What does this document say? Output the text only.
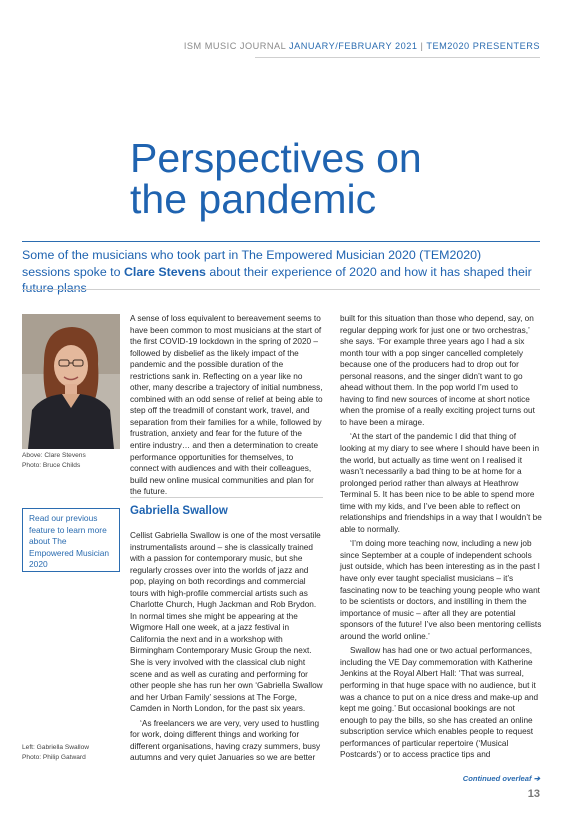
ISM MUSIC JOURNAL JANUARY/FEBRUARY 2021 | TEM2020 PRESENTERS
Perspectives on
the pandemic

Some of the musicians who took part in The Empowered Musician 2020 (TEM2020) sessions spoke to Clare Stevens about their experience of 2020 and how it has shaped their future plans

Above: Clare Stevens
Photo: Bruce Childs
Read our previous feature to learn more about The Empowered Musician 2020

A sense of loss equivalent to bereavement seems to have been common to most musicians at the start of the first COVID-19 lockdown in the spring of 2020 – followed by disbelief as the likely impact of the pandemic and the possible duration of the restrictions sank in. Reflecting on a year like no other, many describe a trajectory of initial numbness, combined with an odd sense of relief at being able to step off the treadmill of constant work, travel, and separation from their families for a while, followed by frustration, anxiety and fear for the future of the entire industry… and then a determination to create performance opportunities for themselves, to connect with audiences and with their colleagues, build new online musical communities and plan for the future.

Gabriella Swallow

Cellist Gabriella Swallow is one of the most versatile instrumentalists around – she is classically trained with a passion for contemporary music, but she regularly crosses over into the worlds of jazz and pop, playing on both recordings and commercial tours with high-profile commercial artists such as Charlotte Church, Hugh Jackman and Rob Brydon. In normal times she might be appearing at the Wigmore Hall one week, at a jazz festival in California the next and in a workshop with Birmingham Contemporary Music Group the next. She is very involved with the classical club night scene and as well as curating and performing for other people she has run her own ‘Gabriella Swallow and her Urban Family’ sessions at The Forge, Camden in North London, for the past six years.

‘As freelancers we are very, very used to hustling for work, doing different things and working for different organisations, having crazy summers, busy autumns and very quiet Januaries so we are better

Left: Gabriella Swallow
Photo: Philip Gatward

built for this situation than those who depend, say, on regular depping work for just one or two orchestras,’ she says. ‘For example three years ago I had a six month tour with a pop singer cancelled completely because one of the producers had to drop out for personal reasons, and the singer didn’t want to go ahead without them. In the pop world I’m used to having to find new sources of income at short notice when the promise of a really exciting project turns out to have been a mirage.

‘At the start of the pandemic I did that thing of looking at my diary to see where I should have been in the world, but actually as time went on I realised it wasn’t necessarily a bad thing to be at home for a prolonged period rather than always at Heathrow Terminal 5. It has been nice to be able to spend more time with my kids, and I’ve been able to reflect on relationships and friendships in a way that I wouldn’t be able to normally.

‘I’m doing more teaching now, including a new job since September at a couple of independent schools just outside, which has been interesting as in the past I have only ever taught specialist musicians – it’s fascinating now to be teaching young people who want to be scientists or doctors, and instilling in them the importance of music – after all they are potential sponsors of the future! I’ve also been mentoring cellists around the world online.’

Swallow has had one or two actual performances, including the VE Day commemoration with Katherine Jenkins at the Royal Albert Hall: ‘That was surreal, performing in that huge space with no audience, but it was a chance to put on a nice dress and make-up and kept me going.’ But occasional bookings are not enough to pay the bills, so she has created an online subscription service which enables people to request performances of particular repertoire (‘Musical Postcards’) or to access practice tips and

Continued overleaf ➔
13
